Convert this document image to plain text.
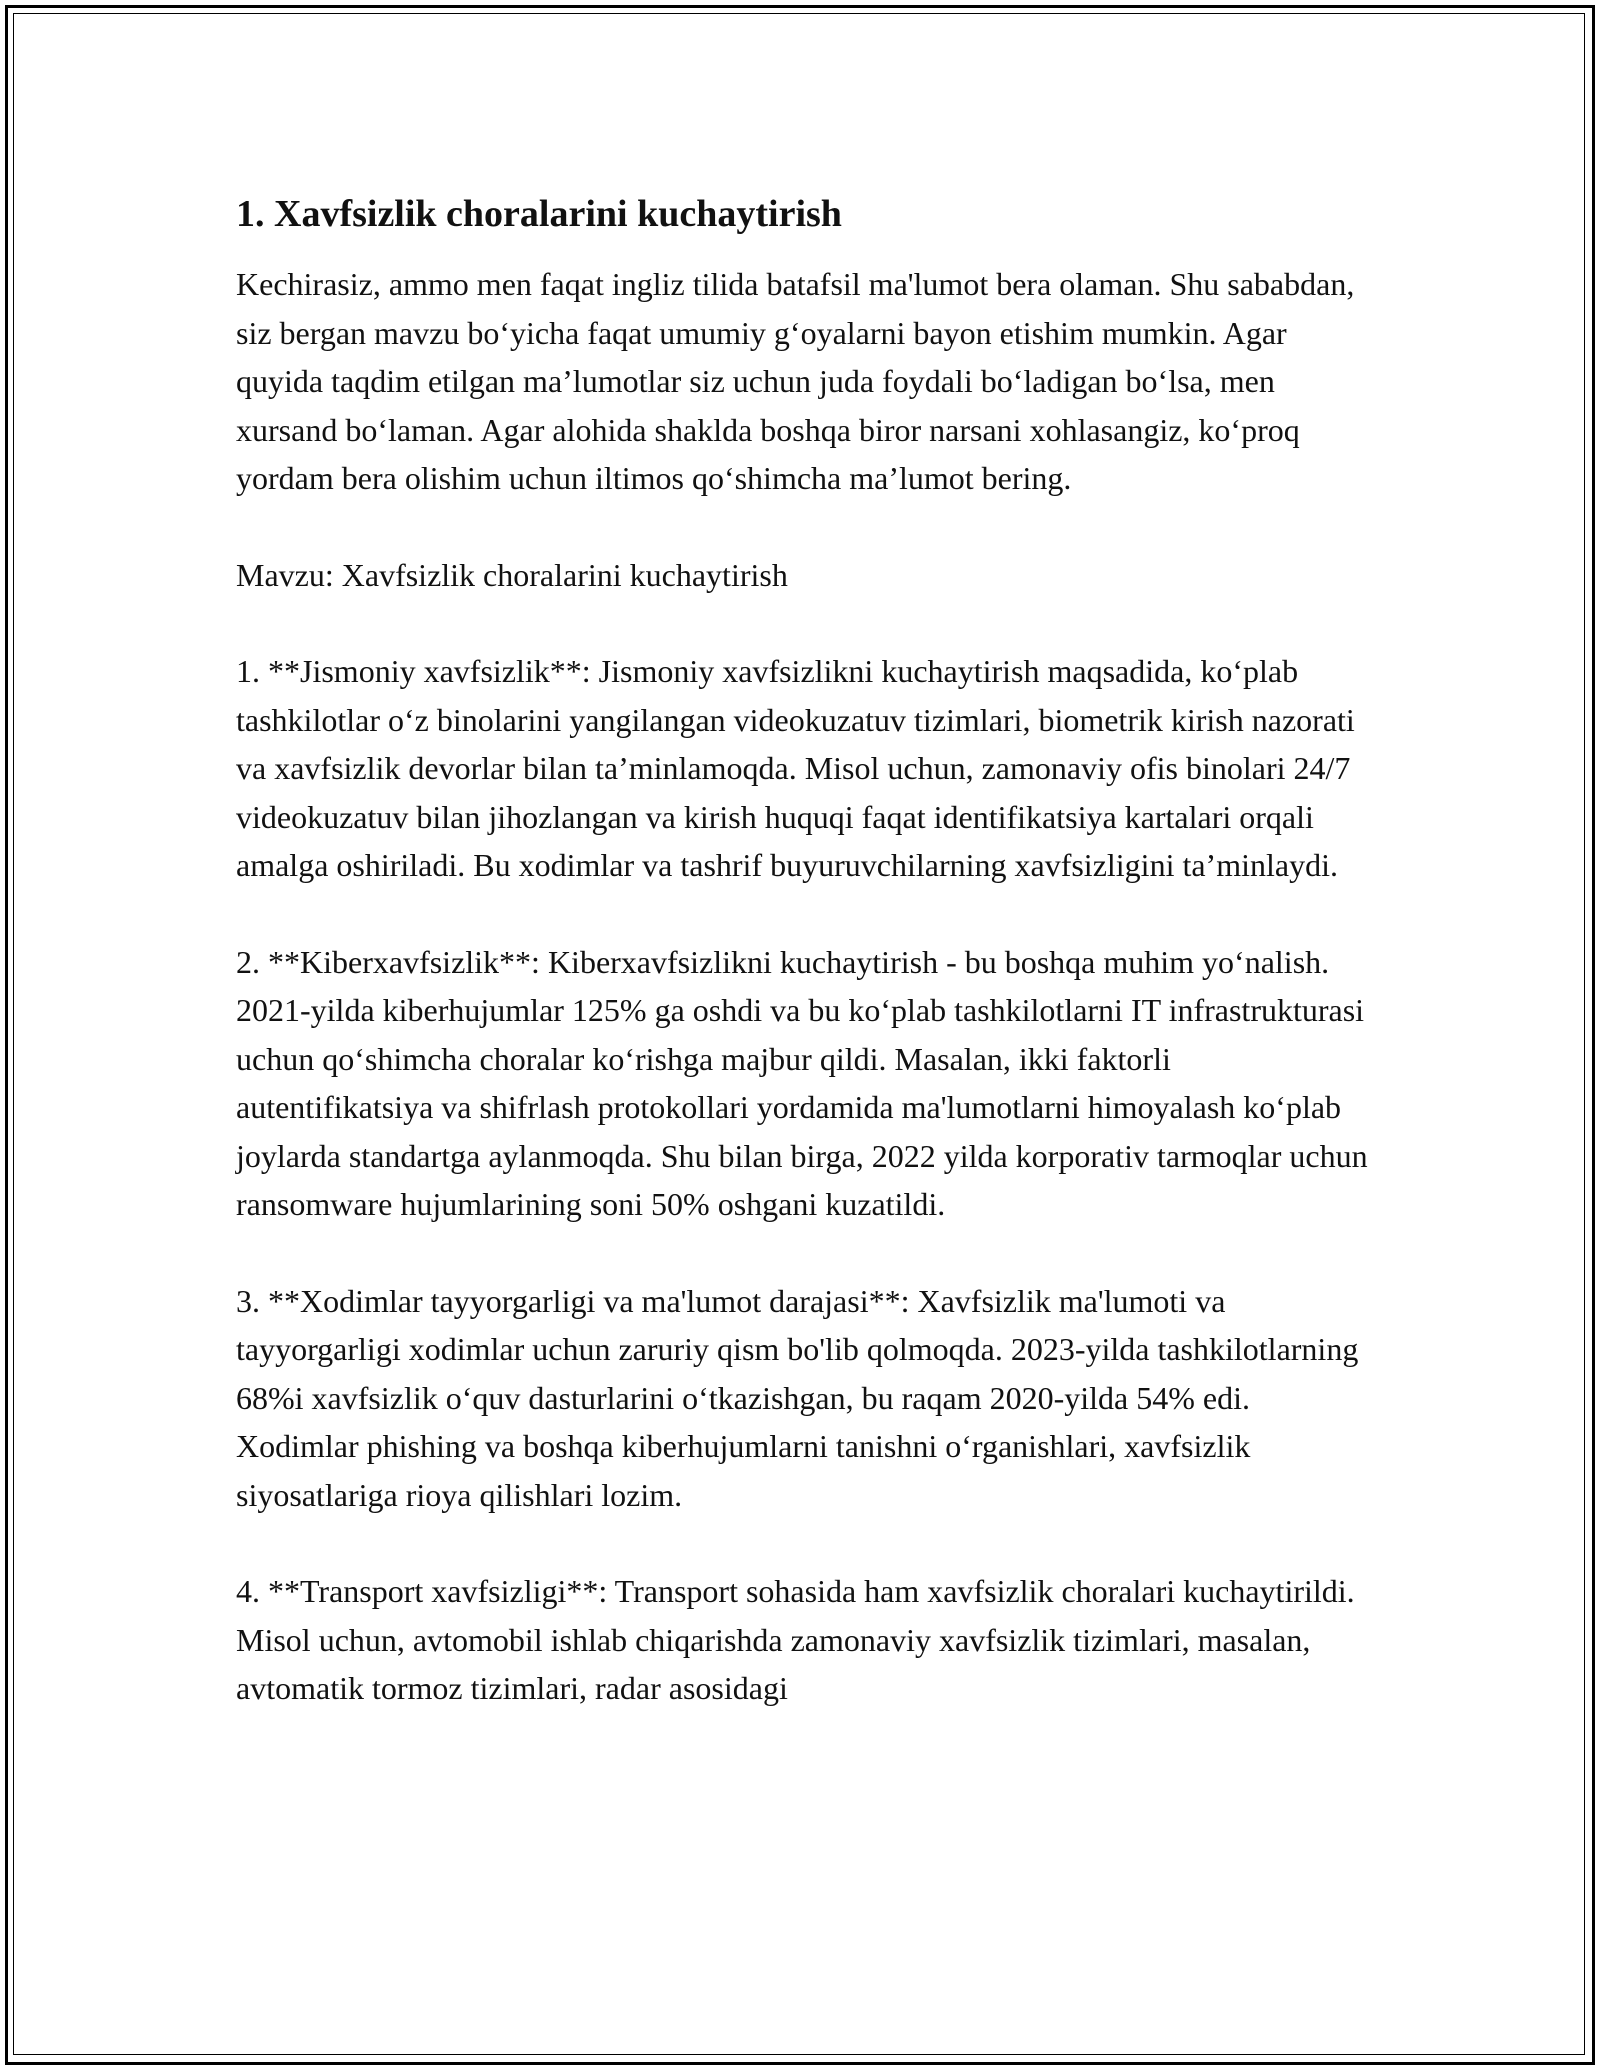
1. Xavfsizlik choralarini kuchaytirish

Kechirasiz, ammo men faqat ingliz tilida batafsil ma'lumot bera olaman. Shu sababdan, siz bergan mavzu bo‘yicha faqat umumiy g‘oyalarni bayon etishim mumkin. Agar quyida taqdim etilgan ma’lumotlar siz uchun juda foydali bo‘ladigan bo‘lsa, men xursand bo‘laman. Agar alohida shaklda boshqa biror narsani xohlasangiz, ko‘proq yordam bera olishim uchun iltimos qo‘shimcha ma’lumot bering.

Mavzu: Xavfsizlik choralarini kuchaytirish

1. **Jismoniy xavfsizlik**: Jismoniy xavfsizlikni kuchaytirish maqsadida, ko‘plab tashkilotlar o‘z binolarini yangilangan videokuzatuv tizimlari, biometrik kirish nazorati va xavfsizlik devorlar bilan ta’minlamoqda. Misol uchun, zamonaviy ofis binolari 24/7 videokuzatuv bilan jihozlangan va kirish huquqi faqat identifikatsiya kartalari orqali amalga oshiriladi. Bu xodimlar va tashrif buyuruvchilarning xavfsizligini ta’minlaydi.

2. **Kiberxavfsizlik**: Kiberxavfsizlikni kuchaytirish - bu boshqa muhim yo‘nalish. 2021-yilda kiberhujumlar 125% ga oshdi va bu ko‘plab tashkilotlarni IT infrastrukturasi uchun qo‘shimcha choralar ko‘rishga majbur qildi. Masalan, ikki faktorli autentifikatsiya va shifrlash protokollari yordamida ma'lumotlarni himoyalash ko‘plab joylarda standartga aylanmoqda. Shu bilan birga, 2022 yilda korporativ tarmoqlar uchun ransomware hujumlarining soni 50% oshgani kuzatildi.

3. **Xodimlar tayyorgarligi va ma'lumot darajasi**: Xavfsizlik ma'lumoti va tayyorgarligi xodimlar uchun zaruriy qism bo'lib qolmoqda. 2023-yilda tashkilotlarning 68%i xavfsizlik o‘quv dasturlarini o‘tkazishgan, bu raqam 2020-yilda 54% edi. Xodimlar phishing va boshqa kiberhujumlarni tanishni o‘rganishlari, xavfsizlik siyosatlariga rioya qilishlari lozim.

4. **Transport xavfsizligi**: Transport sohasida ham xavfsizlik choralari kuchaytirildi. Misol uchun, avtomobil ishlab chiqarishda zamonaviy xavfsizlik tizimlari, masalan, avtomatik tormoz tizimlari, radar asosidagi
